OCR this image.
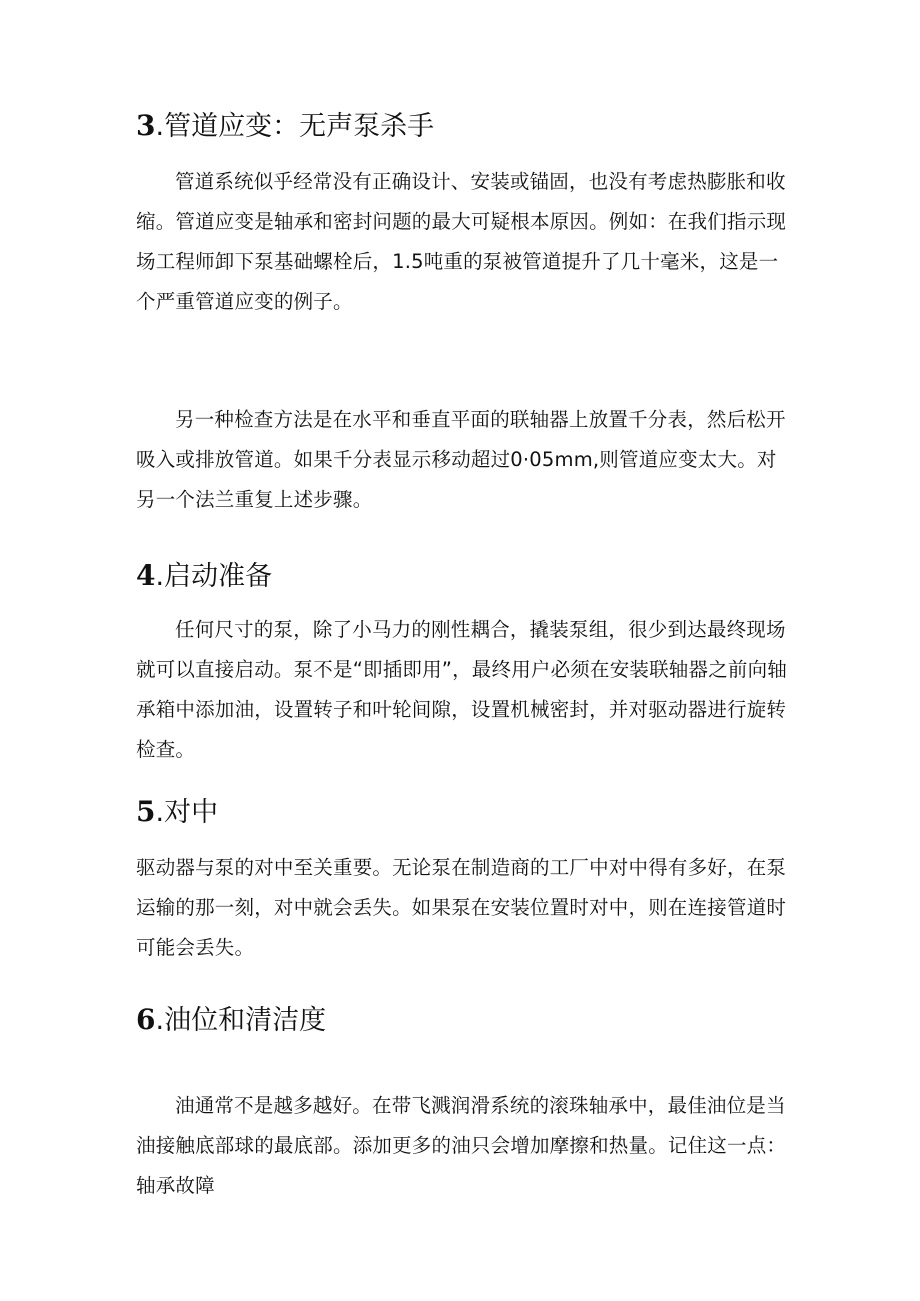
3.管道应变：无声泵杀手

管道系统似乎经常没有正确设计、安装或锚固，也没有考虑热膨胀和收缩。管道应变是轴承和密封问题的最大可疑根本原因。例如：在我们指示现场工程师卸下泵基础螺栓后，1.5吨重的泵被管道提升了几十毫米，这是一个严重管道应变的例子。

另一种检查方法是在水平和垂直平面的联轴器上放置千分表，然后松开吸入或排放管道。如果千分表显示移动超过0·05mm,则管道应变太大。对另一个法兰重复上述步骤。

4.启动准备

任何尺寸的泵，除了小马力的刚性耦合，撬装泵组，很少到达最终现场就可以直接启动。泵不是“即插即用”，最终用户必须在安装联轴器之前向轴承箱中添加油，设置转子和叶轮间隙，设置机械密封，并对驱动器进行旋转检查。

5.对中

驱动器与泵的对中至关重要。无论泵在制造商的工厂中对中得有多好，在泵运输的那一刻，对中就会丢失。如果泵在安装位置时对中，则在连接管道时可能会丢失。

6.油位和清洁度

油通常不是越多越好。在带飞溅润滑系统的滚珠轴承中，最佳油位是当油接触底部球的最底部。添加更多的油只会增加摩擦和热量。记住这一点：轴承故障
